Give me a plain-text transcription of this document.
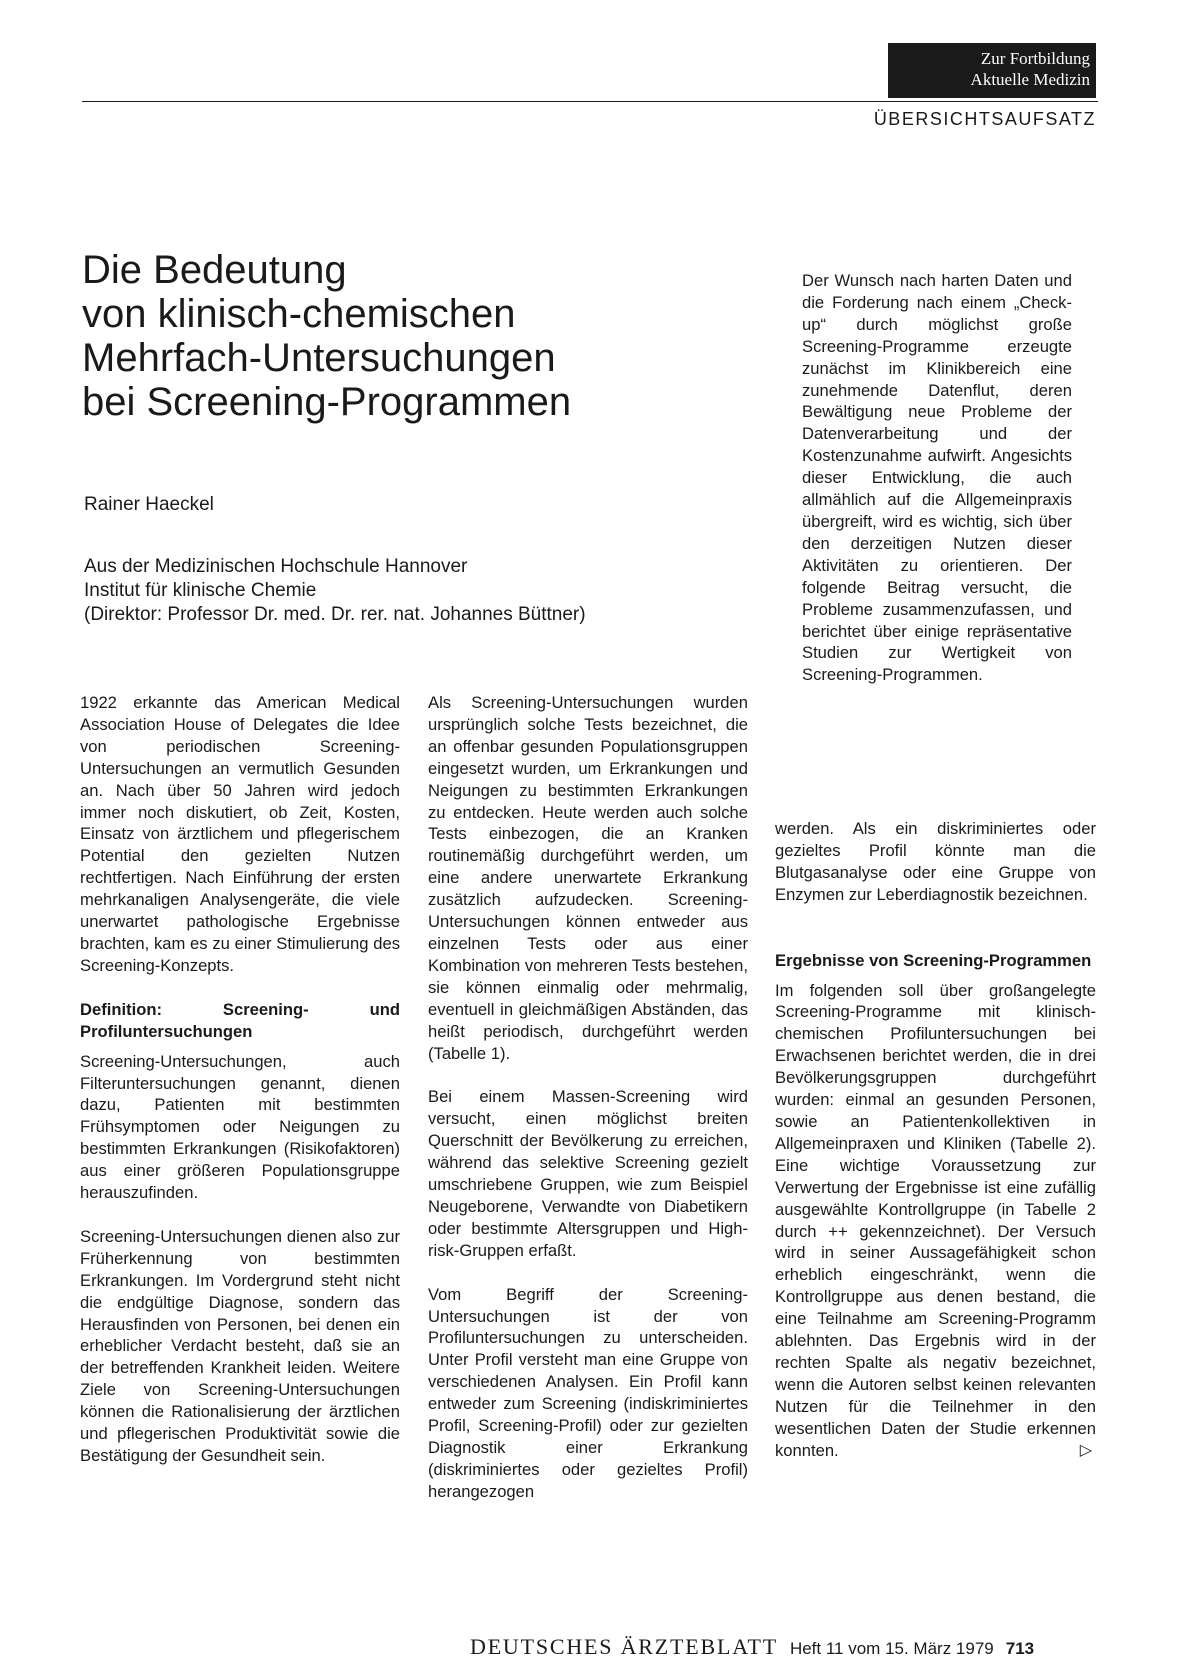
Zur Fortbildung
Aktuelle Medizin
ÜBERSICHTSAUFSATZ
Die Bedeutung
von klinisch-chemischen
Mehrfach-Untersuchungen
bei Screening-Programmen
Rainer Haeckel
Aus der Medizinischen Hochschule Hannover
Institut für klinische Chemie
(Direktor: Professor Dr. med. Dr. rer. nat. Johannes Büttner)

Der Wunsch nach harten Daten und die Forderung nach einem „Check-up“ durch möglichst große Screening-Programme erzeugte zunächst im Klinikbereich eine zunehmende Datenflut, deren Bewältigung neue Probleme der Datenverarbeitung und der Kostenzunahme aufwirft. Angesichts dieser Entwicklung, die auch allmählich auf die Allgemeinpraxis übergreift, wird es wichtig, sich über den derzeitigen Nutzen dieser Aktivitäten zu orientieren. Der folgende Beitrag versucht, die Probleme zusammenzufassen, und berichtet über einige repräsentative Studien zur Wertigkeit von Screening-Programmen.

1922 erkannte das American Medical Association House of Delegates die Idee von periodischen Screening-Untersuchungen an vermutlich Gesunden an. Nach über 50 Jahren wird jedoch immer noch diskutiert, ob Zeit, Kosten, Einsatz von ärztlichem und pflegerischem Potential den gezielten Nutzen rechtfertigen. Nach Einführung der ersten mehrkanaligen Analysengeräte, die viele unerwartet pathologische Ergebnisse brachten, kam es zu einer Stimulierung des Screening-Konzepts.

Definition: Screening- und Profiluntersuchungen

Screening-Untersuchungen, auch Filteruntersuchungen genannt, dienen dazu, Patienten mit bestimmten Frühsymptomen oder Neigungen zu bestimmten Erkrankungen (Risikofaktoren) aus einer größeren Populationsgruppe herauszufinden.

Screening-Untersuchungen dienen also zur Früherkennung von bestimmten Erkrankungen. Im Vordergrund steht nicht die endgültige Diagnose, sondern das Herausfinden von Personen, bei denen ein erheblicher Verdacht besteht, daß sie an der betreffenden Krankheit leiden. Weitere Ziele von Screening-Untersuchungen können die Rationalisierung der ärztlichen und pflegerischen Produktivität sowie die Bestätigung der Gesundheit sein.

Als Screening-Untersuchungen wurden ursprünglich solche Tests bezeichnet, die an offenbar gesunden Populationsgruppen eingesetzt wurden, um Erkrankungen und Neigungen zu bestimmten Erkrankungen zu entdecken. Heute werden auch solche Tests einbezogen, die an Kranken routinemäßig durchgeführt werden, um eine andere unerwartete Erkrankung zusätzlich aufzudecken. Screening-Untersuchungen können entweder aus einzelnen Tests oder aus einer Kombination von mehreren Tests bestehen, sie können einmalig oder mehrmalig, eventuell in gleichmäßigen Abständen, das heißt periodisch, durchgeführt werden (Tabelle 1).

Bei einem Massen-Screening wird versucht, einen möglichst breiten Querschnitt der Bevölkerung zu erreichen, während das selektive Screening gezielt umschriebene Gruppen, wie zum Beispiel Neugeborene, Verwandte von Diabetikern oder bestimmte Altersgruppen und High-risk-Gruppen erfaßt.

Vom Begriff der Screening-Untersuchungen ist der von Profiluntersuchungen zu unterscheiden. Unter Profil versteht man eine Gruppe von verschiedenen Analysen. Ein Profil kann entweder zum Screening (indiskriminiertes Profil, Screening-Profil) oder zur gezielten Diagnostik einer Erkrankung (diskriminiertes oder gezieltes Profil) herangezogen

werden. Als ein diskriminiertes oder gezieltes Profil könnte man die Blutgasanalyse oder eine Gruppe von Enzymen zur Leberdiagnostik bezeichnen.

Ergebnisse von Screening-Programmen

Im folgenden soll über großangelegte Screening-Programme mit klinisch-chemischen Profiluntersuchungen bei Erwachsenen berichtet werden, die in drei Bevölkerungsgruppen durchgeführt wurden: einmal an gesunden Personen, sowie an Patientenkollektiven in Allgemeinpraxen und Kliniken (Tabelle 2). Eine wichtige Voraussetzung zur Verwertung der Ergebnisse ist eine zufällig ausgewählte Kontrollgruppe (in Tabelle 2 durch ++ gekennzeichnet). Der Versuch wird in seiner Aussagefähigkeit schon erheblich eingeschränkt, wenn die Kontrollgruppe aus denen bestand, die eine Teilnahme am Screening-Programm ablehnten. Das Ergebnis wird in der rechten Spalte als negativ bezeichnet, wenn die Autoren selbst keinen relevanten Nutzen für die Teilnehmer in den wesentlichen Daten der Studie erkennen konnten.	▷

DEUTSCHES ÄRZTEBLATT Heft 11 vom 15. März 1979 713
